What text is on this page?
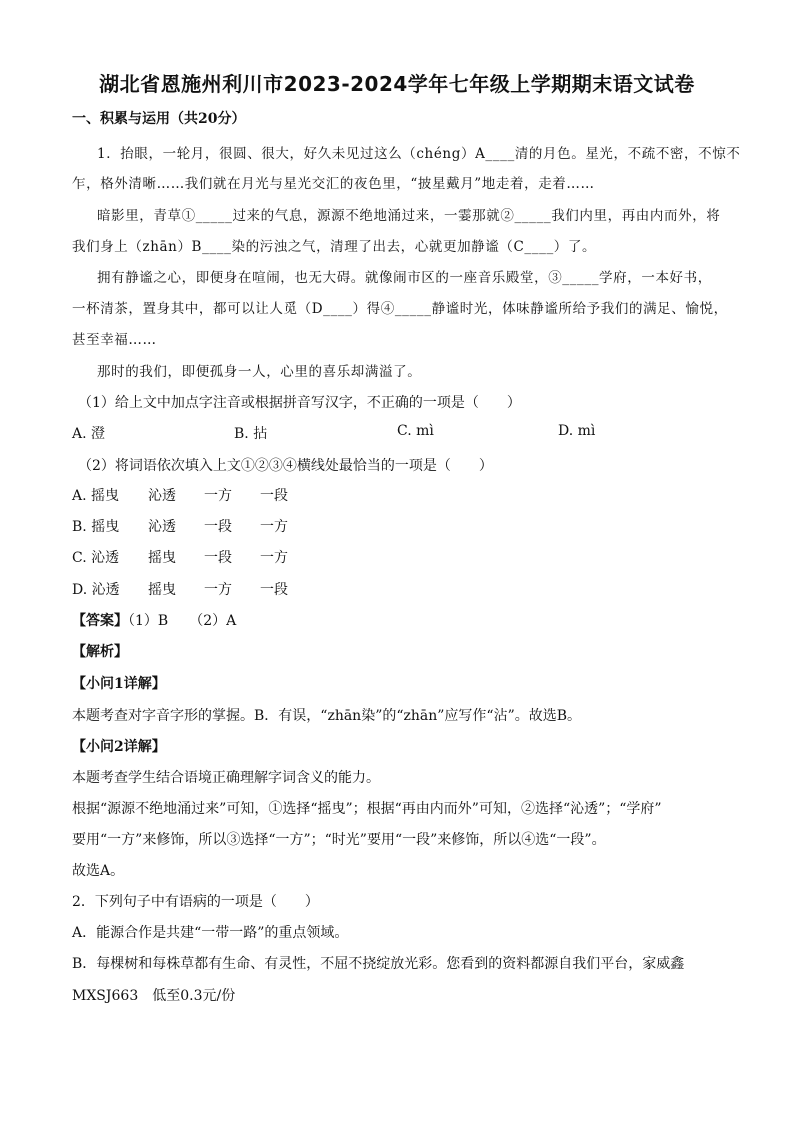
湖北省恩施州利川市2023-2024学年七年级上学期期末语文试卷
一、积累与运用（共20分）
1．抬眼，一轮月，很圆、很大，好久未见过这么（chéng）A____清的月色。星光，不疏不密，不惊不
乍，格外清晰……我们就在月光与星光交汇的夜色里，“披星戴月”地走着，走着……
暗影里，青草①_____过来的气息，源源不绝地涌过来，一霎那就②_____我们内里，再由内而外，将
我们身上（zhān）B____染的污浊之气，清理了出去，心就更加静谧（C____）了。
拥有静谧之心，即便身在喧闹，也无大碍。就像闹市区的一座音乐殿堂，③_____学府，一本好书，
一杯清茶，置身其中，都可以让人觅（D____）得④_____静谧时光，体味静谧所给予我们的满足、愉悦，
甚至幸福……
那时的我们，即便孤身一人，心里的喜乐却满溢了。
（1）给上文中加点字注音或根据拼音写汉字，不正确的一项是（　　）
A. 澄	B. 拈	C. mì	D. mì
（2）将词语依次填入上文①②③④横线处最恰当的一项是（　　）
A. 摇曳 沁透 一方 一段
B. 摇曳 沁透 一段 一方
C. 沁透 摇曳 一段 一方
D. 沁透 摇曳 一方 一段
【答案】（1）B　　（2）A
【解析】
【小问1详解】
本题考查对字音字形的掌握。B．有误，“zhān染”的“zhān”应写作“沾”。故选B。
【小问2详解】
本题考查学生结合语境正确理解字词含义的能力。
根据“源源不绝地涌过来”可知，①选择“摇曳”；根据“再由内而外”可知，②选择“沁透”；“学府”
要用“一方”来修饰，所以③选择“一方”；“时光”要用“一段”来修饰，所以④选“一段”。
故选A。
2．下列句子中有语病的一项是（　　）
A．能源合作是共建“一带一路”的重点领域。
B．每棵树和每株草都有生命、有灵性，不屈不挠绽放光彩。您看到的资料都源自我们平台，家威鑫
MXSJ663　低至0.3元/份
